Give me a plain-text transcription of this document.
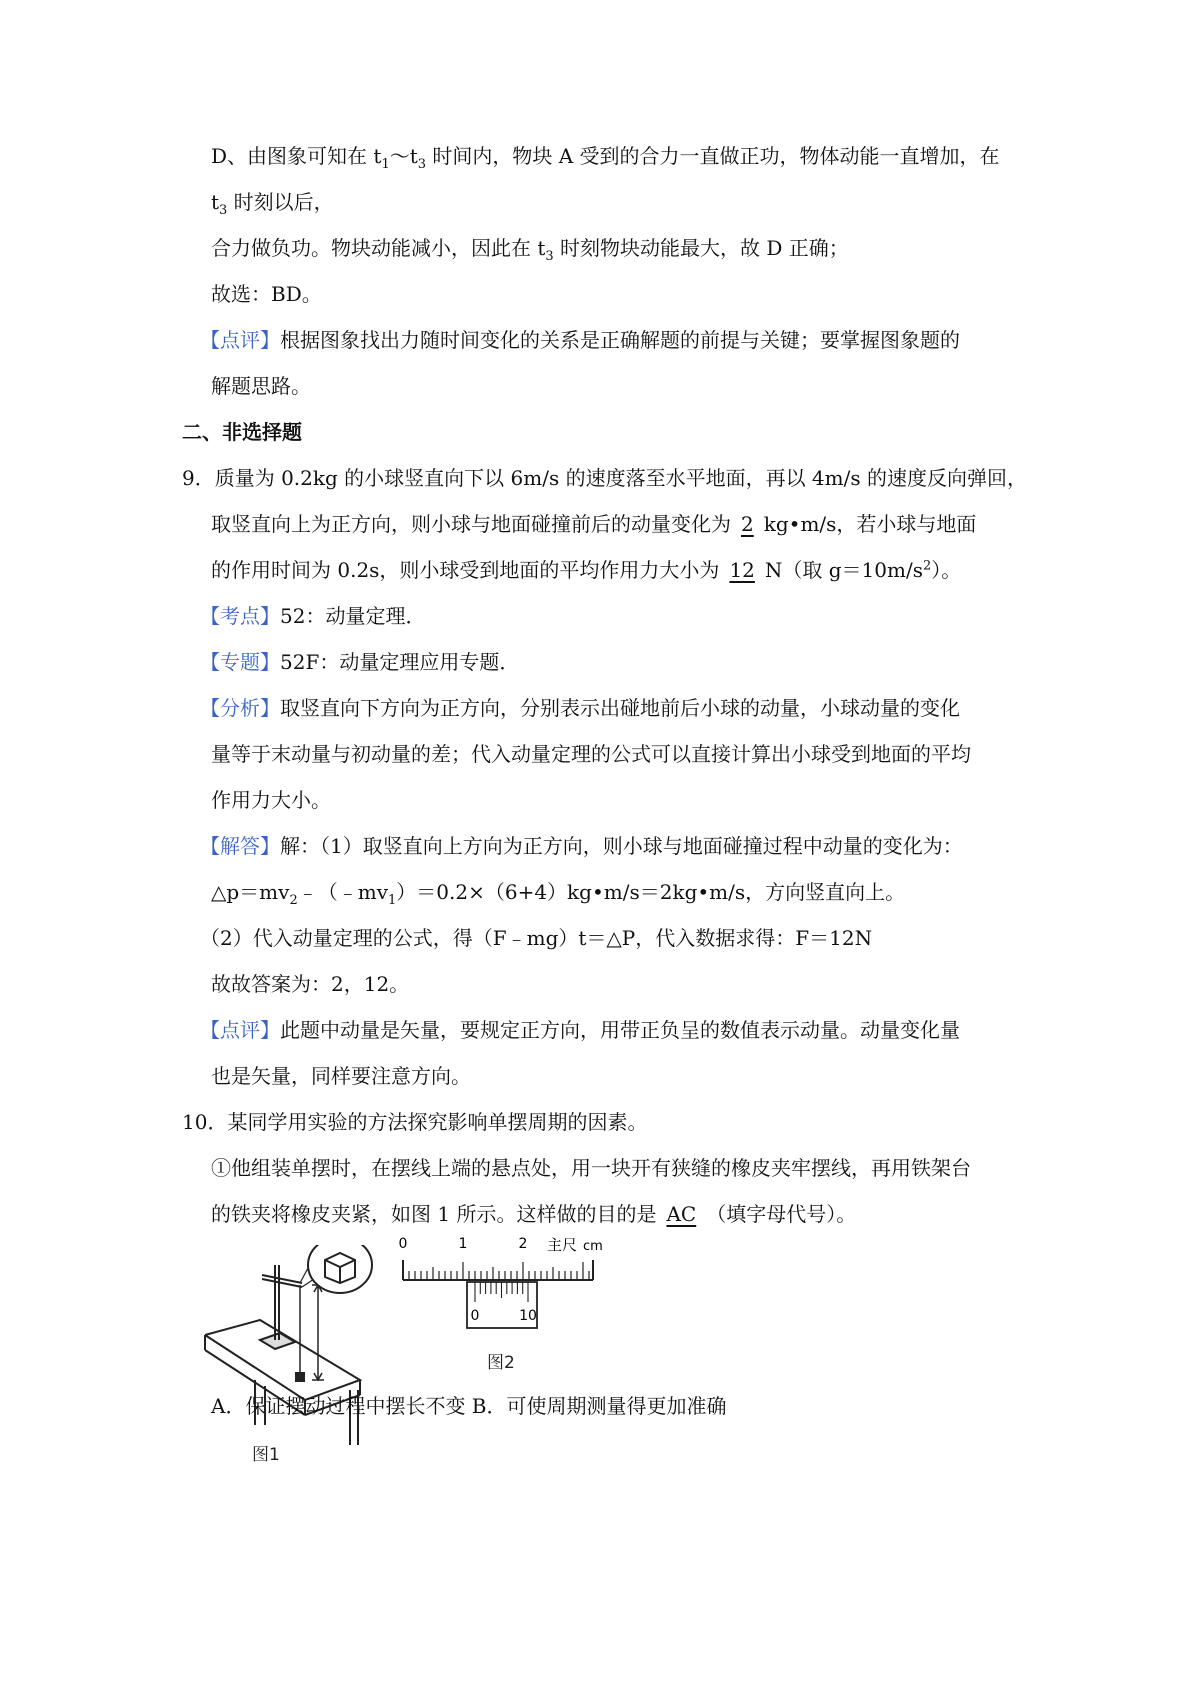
D、由图象可知在 $t_1\sim t_3$ 时间内，物块 A 受到的合力一直做正功，物体动能一直增加，在
$t_3$ 时刻以后，
合力做负功。物块动能减小，因此在 $t_3$ 时刻物块动能最大，故 D 正确；
故选：BD。
【点评】根据图象找出力随时间变化的关系是正确解题的前提与关键；要掌握图象题的
解题思路。
二、非选择题
9．质量为 0.2kg 的小球竖直向下以 6m/s 的速度落至水平地面，再以 4m/s 的速度反向弹回，
取竖直向上为正方向，则小球与地面碰撞前后的动量变化为 2 kg•m/s，若小球与地面
的作用时间为 0.2s，则小球受到地面的平均作用力大小为 12 N（取 $g=10m/s^2$）。
【考点】52：动量定理．
【专题】52F：动量定理应用专题．
【分析】取竖直向下方向为正方向，分别表示出碰地前后小球的动量，小球动量的变化
量等于末动量与初动量的差；代入动量定理的公式可以直接计算出小球受到地面的平均
作用力大小。
【解答】解：（1）取竖直向上方向为正方向，则小球与地面碰撞过程中动量的变化为：
$\triangle p=mv_2﹣(﹣mv_1)=0.2\times(6+4)kg•m/s=2kg•m/s$，方向竖直向上。
（2）代入动量定理的公式，得（F﹣mg）t＝△P，代入数据求得：F＝12N
故故答案为：2，12。
【点评】此题中动量是矢量，要规定正方向，用带正负呈的数值表示动量。动量变化量
也是矢量，同样要注意方向。
10．某同学用实验的方法探究影响单摆周期的因素。
①他组装单摆时，在摆线上端的悬点处，用一块开有狭缝的橡皮夹牢摆线，再用铁架台
的铁夹将橡皮夹紧，如图 1 所示。这样做的目的是 AC （填字母代号）。
图1
0	1	2 主尺 cm
0	10
图2
A．保证摆动过程中摆长不变 B．可使周期测量得更加准确
